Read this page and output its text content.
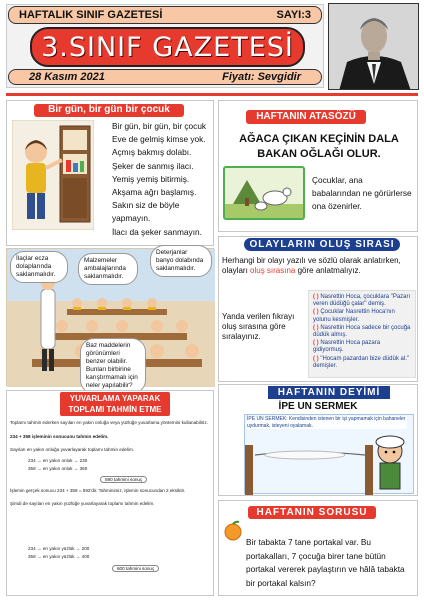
HAFTALIK SINIF GAZETESİ	SAYI:3
3.SINIF GAZETESİ
28 Kasım 2021	Fiyatı: Sevgidir
Bir gün, bir gün bir çocuk
Bir gün, bir gün, bir çocuk
Eve de gelmiş kimse yok.
Açmış bakmış dolabı.
Şeker de sanmış ilacı.
Yemiş yemiş bitirmiş.
Akşama ağrı başlamış.
Sakın siz de böyle yapmayın.
İlacı da şeker sanmayın.
İlaçlar ecza dolaplarında saklanmalıdır.
Malzemeler ambalajlarında saklanmalıdır.
Deterjanlar banyo dolabında saklanmalıdır.
Baz maddelerin görünümleri benzer olabilir. Bunları birbirine karıştırmamalı için neler yapılabilir?
YUVARLAMA YAPARAK
TOPLAMI TAHMİN ETME
Toplamı tahmin ederken sayıları en yakın onluğa veya yüzlüğe yuvarlama yöntemini kullanabiliriz.
234 + 358 işleminin sonucunu tahmin edelim.
Sayıları en yakın onluğa yuvarlayarak toplamı tahmin edelim.
234 → en yakın onluk → 230
358 → en yakın onluk → 360
590 tahmini sonuç
İşlemin gerçek sonucu 234 + 358 = 592'dir. Tahminimiz, işlemin sonucundan 2 eksiktir.
Şimdi de sayıları en yakın yüzlüğe yuvarlayarak toplamı tahmin edelim.
234 → en yakın yüzlük → 200
358 → en yakın yüzlük → 400
600 tahmini sonuç
HAFTANIN ATASÖZÜ
AĞACA ÇIKAN KEÇİNİN DALA BAKAN OĞLAĞI OLUR.
Çocuklar, ana babalarından ne görürlerse ona özenirler.
OLAYLARIN OLUŞ SIRASI
Herhangi bir olayı yazılı ve sözlü olarak anlatırken, olayları oluş sırasına göre anlatmalıyız.
Yanda verilen fıkrayı oluş sırasına göre sıralayınız.
( ) Nasrettin Hoca, çocuklara "Pazarı veren düdüğü çalar" demiş.
( ) Çocuklar Nasrettin Hoca'nın yolunu kesmişler.
( ) Nasrettin Hoca sadece bir çocuğa düdük almış.
( ) Nasrettin Hoca pazara gidiyormuş.
( ) "Hocam pazardan bize düdük al." demişler.
HAFTANIN DEYİMİ
İPE UN SERMEK
İPE UN SERMEK: Kendisinden istenen bir işi yapmamak için bahaneler uydurmak, isteyeni oyalamak.
HAFTANIN SORUSU
Bir tabakta 7 tane portakal var. Bu portakalları, 7 çocuğa birer tane bütün portakal vererek paylaştırın ve hâlâ tabakta bir portakal kalsın?
